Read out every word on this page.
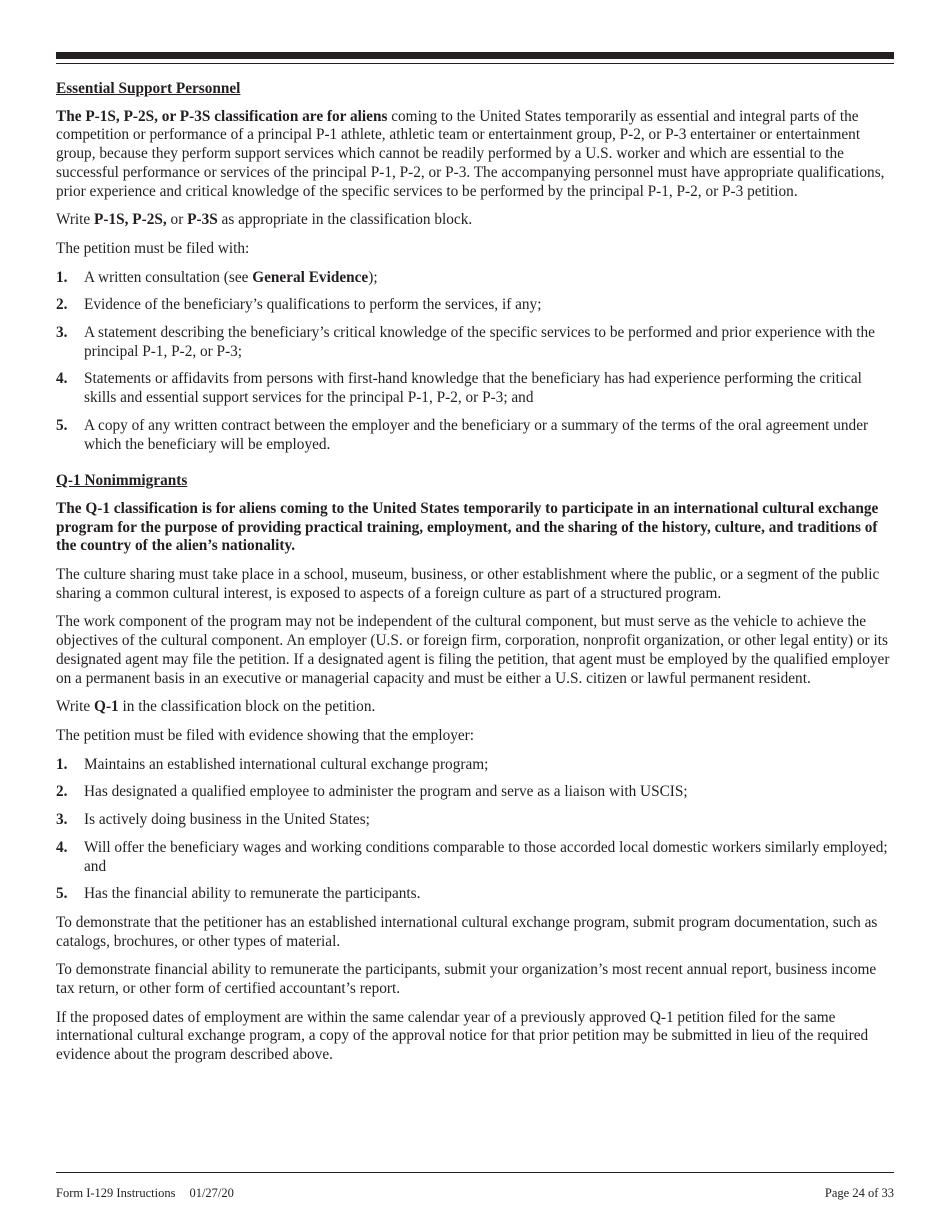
Essential Support Personnel

The P-1S, P-2S, or P-3S classification are for aliens coming to the United States temporarily as essential and integral parts of the competition or performance of a principal P-1 athlete, athletic team or entertainment group, P-2, or P-3 entertainer or entertainment group, because they perform support services which cannot be readily performed by a U.S. worker and which are essential to the successful performance or services of the principal P-1, P-2, or P-3. The accompanying personnel must have appropriate qualifications, prior experience and critical knowledge of the specific services to be performed by the principal P-1, P-2, or P-3 petition.

Write P-1S, P-2S, or P-3S as appropriate in the classification block.

The petition must be filed with:

1. A written consultation (see General Evidence);
2. Evidence of the beneficiary’s qualifications to perform the services, if any;
3. A statement describing the beneficiary’s critical knowledge of the specific services to be performed and prior experience with the principal P-1, P-2, or P-3;
4. Statements or affidavits from persons with first-hand knowledge that the beneficiary has had experience performing the critical skills and essential support services for the principal P-1, P-2, or P-3; and
5. A copy of any written contract between the employer and the beneficiary or a summary of the terms of the oral agreement under which the beneficiary will be employed.
Q-1 Nonimmigrants

The Q-1 classification is for aliens coming to the United States temporarily to participate in an international cultural exchange program for the purpose of providing practical training, employment, and the sharing of the history, culture, and traditions of the country of the alien’s nationality.

The culture sharing must take place in a school, museum, business, or other establishment where the public, or a segment of the public sharing a common cultural interest, is exposed to aspects of a foreign culture as part of a structured program.

The work component of the program may not be independent of the cultural component, but must serve as the vehicle to achieve the objectives of the cultural component. An employer (U.S. or foreign firm, corporation, nonprofit organization, or other legal entity) or its designated agent may file the petition. If a designated agent is filing the petition, that agent must be employed by the qualified employer on a permanent basis in an executive or managerial capacity and must be either a U.S. citizen or lawful permanent resident.

Write Q-1 in the classification block on the petition.

The petition must be filed with evidence showing that the employer:

1. Maintains an established international cultural exchange program;
2. Has designated a qualified employee to administer the program and serve as a liaison with USCIS;
3. Is actively doing business in the United States;
4. Will offer the beneficiary wages and working conditions comparable to those accorded local domestic workers similarly employed; and
5. Has the financial ability to remunerate the participants.

To demonstrate that the petitioner has an established international cultural exchange program, submit program documentation, such as catalogs, brochures, or other types of material.

To demonstrate financial ability to remunerate the participants, submit your organization’s most recent annual report, business income tax return, or other form of certified accountant’s report.

If the proposed dates of employment are within the same calendar year of a previously approved Q-1 petition filed for the same international cultural exchange program, a copy of the approval notice for that prior petition may be submitted in lieu of the required evidence about the program described above.

Form I-129 Instructions 01/27/20	Page 24 of 33
